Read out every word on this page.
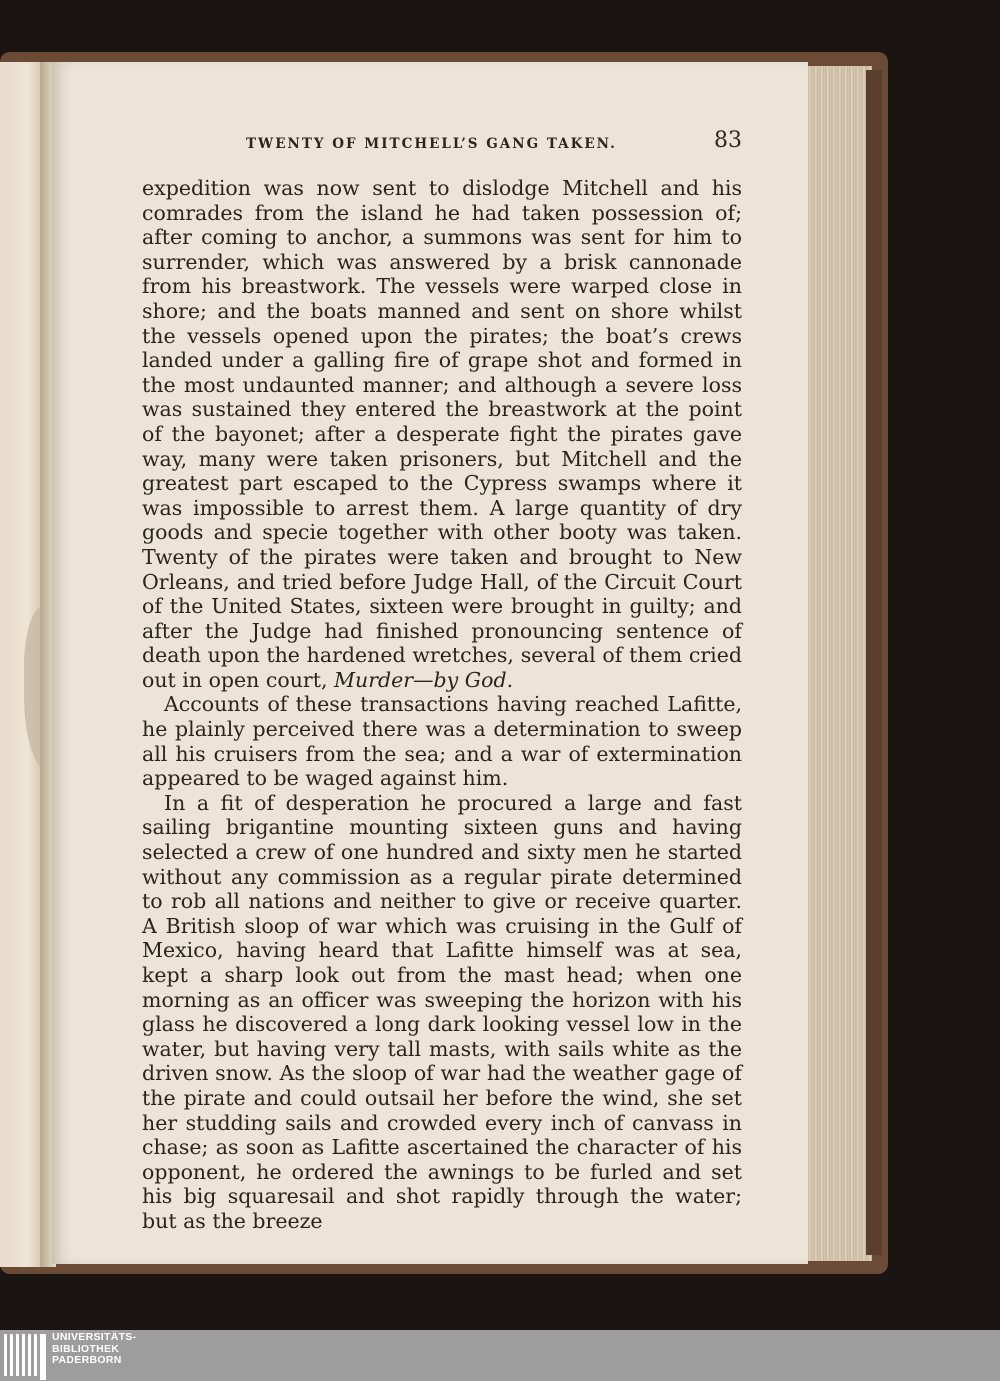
TWENTY OF MITCHELL’S GANG TAKEN.	83

expedition was now sent to dislodge Mitchell and his comrades from the island he had taken possession of; after coming to anchor, a summons was sent for him to surrender, which was answered by a brisk cannonade from his breastwork. The vessels were warped close in shore; and the boats manned and sent on shore whilst the vessels opened upon the pirates; the boat’s crews landed under a galling fire of grape shot and formed in the most undaunted manner; and although a severe loss was sustained they entered the breastwork at the point of the bayonet; after a desperate fight the pirates gave way, many were taken prisoners, but Mitchell and the greatest part escaped to the Cypress swamps where it was impossible to arrest them. A large quantity of dry goods and specie together with other booty was taken. Twenty of the pirates were taken and brought to New Orleans, and tried before Judge Hall, of the Circuit Court of the United States, sixteen were brought in guilty; and after the Judge had finished pronouncing sentence of death upon the hardened wretches, several of them cried out in open court, Murder—by God.

Accounts of these transactions having reached Lafitte, he plainly perceived there was a determination to sweep all his cruisers from the sea; and a war of extermination appeared to be waged against him.

In a fit of desperation he procured a large and fast sailing brigantine mounting sixteen guns and having selected a crew of one hundred and sixty men he started without any commission as a regular pirate determined to rob all nations and neither to give or receive quarter. A British sloop of war which was cruising in the Gulf of Mexico, having heard that Lafitte himself was at sea, kept a sharp look out from the mast head; when one morning as an officer was sweeping the horizon with his glass he discovered a long dark looking vessel low in the water, but having very tall masts, with sails white as the driven snow. As the sloop of war had the weather gage of the pirate and could outsail her before the wind, she set her studding sails and crowded every inch of canvass in chase; as soon as Lafitte ascertained the character of his opponent, he ordered the awnings to be furled and set his big squaresail and shot rapidly through the water; but as the breeze

UNIVERSITÄTS-
BIBLIOTHEK
PADERBORN
